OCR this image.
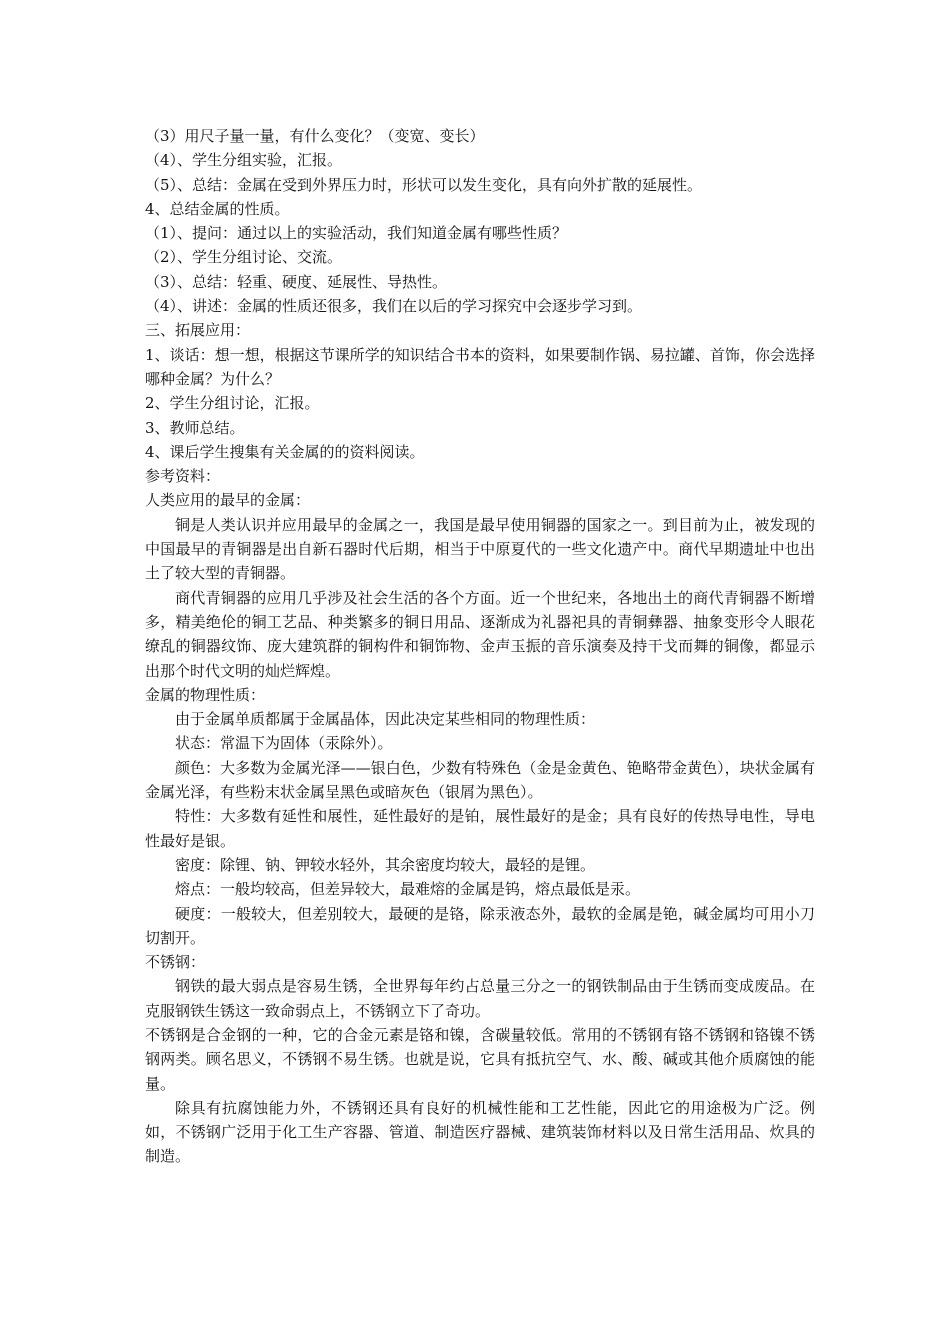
（3）用尺子量一量，有什么变化？（变宽、变长）

（4）、学生分组实验，汇报。

（5）、总结：金属在受到外界压力时，形状可以发生变化，具有向外扩散的延展性。

4、总结金属的性质。

（1）、提问：通过以上的实验活动，我们知道金属有哪些性质？

（2）、学生分组讨论、交流。

（3）、总结：轻重、硬度、延展性、导热性。

（4）、讲述：金属的性质还很多，我们在以后的学习探究中会逐步学习到。

三、拓展应用：

1、谈话：想一想，根据这节课所学的知识结合书本的资料，如果要制作锅、易拉罐、首饰，你会选择哪种金属？为什么？

2、学生分组讨论，汇报。

3、教师总结。

4、课后学生搜集有关金属的的资料阅读。

参考资料：

人类应用的最早的金属：

铜是人类认识并应用最早的金属之一，我国是最早使用铜器的国家之一。到目前为止，被发现的中国最早的青铜器是出自新石器时代后期，相当于中原夏代的一些文化遗产中。商代早期遗址中也出土了较大型的青铜器。

商代青铜器的应用几乎涉及社会生活的各个方面。近一个世纪来，各地出土的商代青铜器不断增多，精美绝伦的铜工艺品、种类繁多的铜日用品、逐渐成为礼器祀具的青铜彝器、抽象变形令人眼花缭乱的铜器纹饰、庞大建筑群的铜构件和铜饰物、金声玉振的音乐演奏及持干戈而舞的铜像，都显示出那个时代文明的灿烂辉煌。

金属的物理性质：

由于金属单质都属于金属晶体，因此决定某些相同的物理性质：

状态：常温下为固体（汞除外）。

颜色：大多数为金属光泽——银白色，少数有特殊色（金是金黄色、铯略带金黄色），块状金属有金属光泽，有些粉末状金属呈黑色或暗灰色（银屑为黑色）。

特性：大多数有延性和展性，延性最好的是铂，展性最好的是金；具有良好的传热导电性，导电性最好是银。

密度：除锂、钠、钾较水轻外，其余密度均较大，最轻的是锂。

熔点：一般均较高，但差异较大，最难熔的金属是钨，熔点最低是汞。

硬度：一般较大，但差别较大，最硬的是铬，除汞液态外，最软的金属是铯，碱金属均可用小刀切割开。

不锈钢：

钢铁的最大弱点是容易生锈，全世界每年约占总量三分之一的钢铁制品由于生锈而变成废品。在克服钢铁生锈这一致命弱点上，不锈钢立下了奇功。

不锈钢是合金钢的一种，它的合金元素是铬和镍，含碳量较低。常用的不锈钢有铬不锈钢和铬镍不锈钢两类。顾名思义，不锈钢不易生锈。也就是说，它具有抵抗空气、水、酸、碱或其他介质腐蚀的能量。

除具有抗腐蚀能力外，不锈钢还具有良好的机械性能和工艺性能，因此它的用途极为广泛。例如，不锈钢广泛用于化工生产容器、管道、制造医疗器械、建筑装饰材料以及日常生活用品、炊具的制造。
